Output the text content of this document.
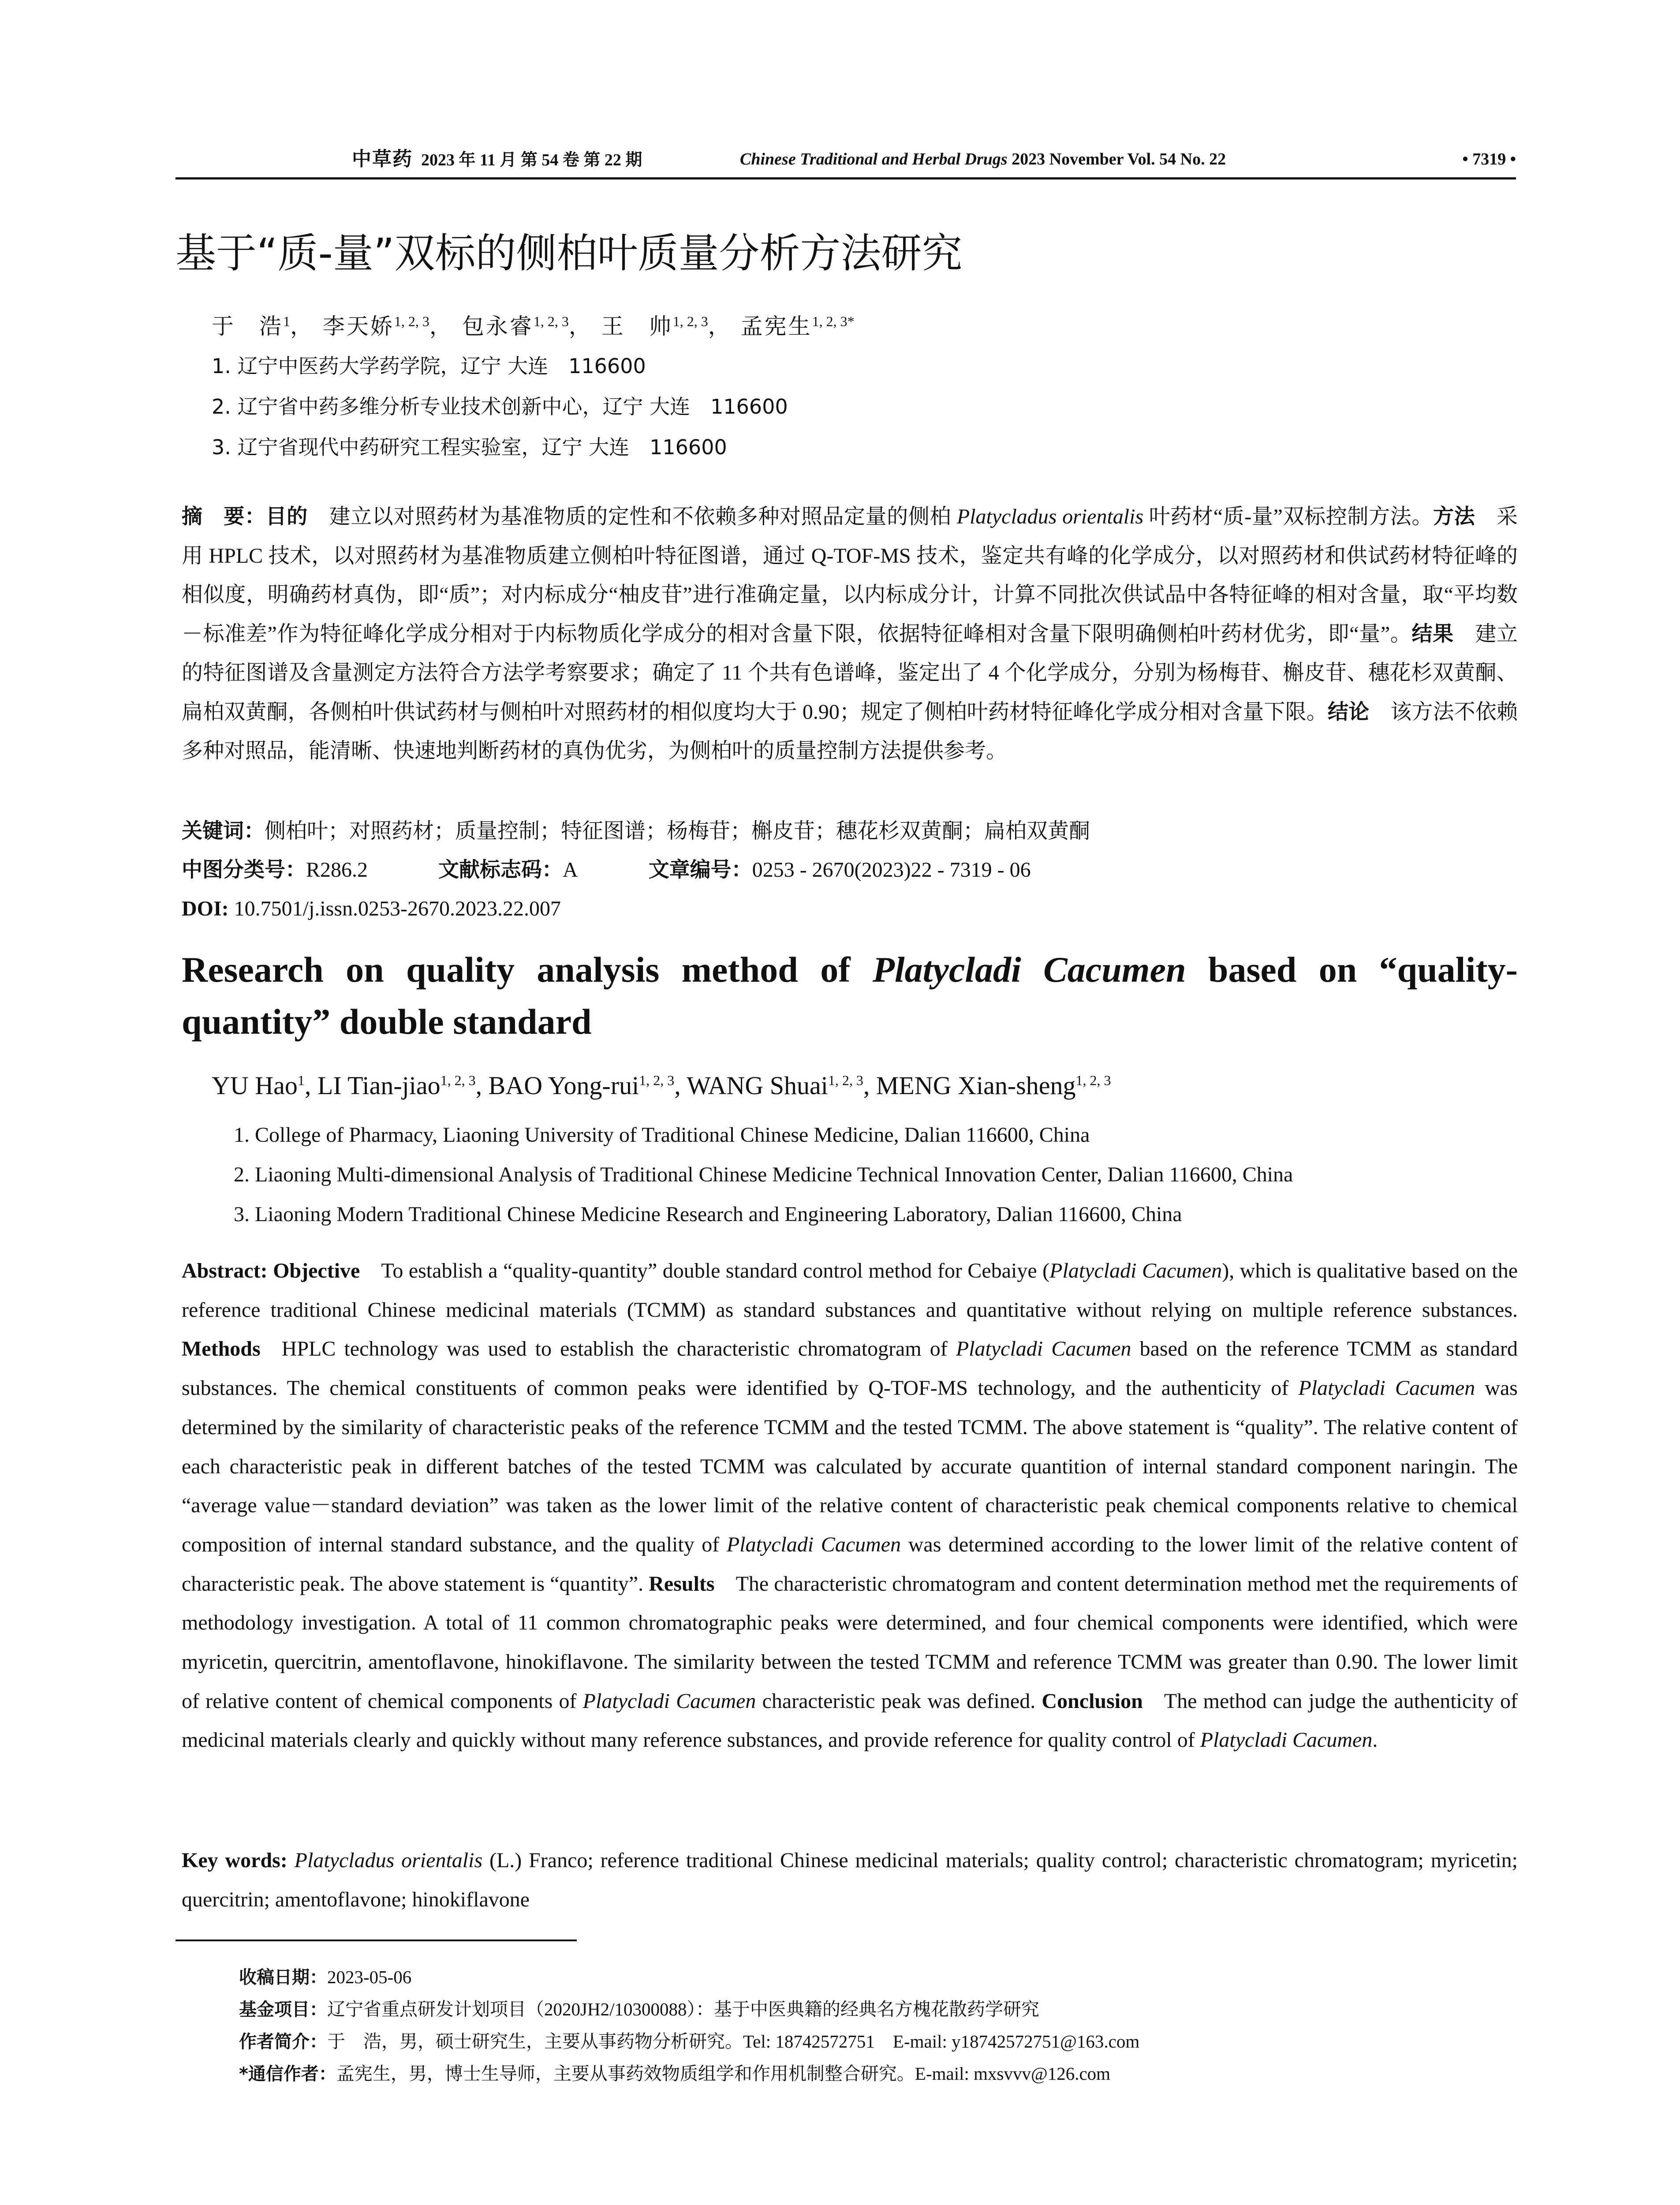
中草药 2023 年 11 月 第 54 卷 第 22 期	Chinese Traditional and Herbal Drugs 2023 November Vol. 54 No. 22	• 7319 •
基于“质-量”双标的侧柏叶质量分析方法研究
于　浩$^1$， 李天娇$^{1, 2, 3}$， 包永睿$^{1, 2, 3}$， 王　帅$^{1, 2, 3}$， 孟宪生$^{1, 2, 3*}$
1. 辽宁中医药大学药学院，辽宁 大连　116600
2. 辽宁省中药多维分析专业技术创新中心，辽宁 大连　116600
3. 辽宁省现代中药研究工程实验室，辽宁 大连　116600
摘　要：目的  建立以对照药材为基准物质的定性和不依赖多种对照品定量的侧柏 Platycladus orientalis 叶药材“质-量”双标控制方法。方法  采用 HPLC 技术，以对照药材为基准物质建立侧柏叶特征图谱，通过 Q-TOF-MS 技术，鉴定共有峰的化学成分，以对照药材和供试药材特征峰的相似度，明确药材真伪，即“质”；对内标成分“柚皮苷”进行准确定量，以内标成分计，计算不同批次供试品中各特征峰的相对含量，取“平均数－标准差”作为特征峰化学成分相对于内标物质化学成分的相对含量下限，依据特征峰相对含量下限明确侧柏叶药材优劣，即“量”。结果  建立的特征图谱及含量测定方法符合方法学考察要求；确定了 11 个共有色谱峰，鉴定出了 4 个化学成分，分别为杨梅苷、槲皮苷、穗花杉双黄酮、扁柏双黄酮，各侧柏叶供试药材与侧柏叶对照药材的相似度均大于 0.90；规定了侧柏叶药材特征峰化学成分相对含量下限。结论  该方法不依赖多种对照品，能清晰、快速地判断药材的真伪优劣，为侧柏叶的质量控制方法提供参考。
关键词：侧柏叶；对照药材；质量控制；特征图谱；杨梅苷；槲皮苷；穗花杉双黄酮；扁柏双黄酮
中图分类号：R286.2	文献标志码：A	文章编号：0253 - 2670(2023)22 - 7319 - 06
DOI: 10.7501/j.issn.0253-2670.2023.22.007
Research on quality analysis method of Platycladi Cacumen based on “quality-quantity” double standard
YU Hao$^1$, LI Tian-jiao$^{1, 2, 3}$, BAO Yong-rui$^{1, 2, 3}$, WANG Shuai$^{1, 2, 3}$, MENG Xian-sheng$^{1, 2, 3}$
1. College of Pharmacy, Liaoning University of Traditional Chinese Medicine, Dalian 116600, China
2. Liaoning Multi-dimensional Analysis of Traditional Chinese Medicine Technical Innovation Center, Dalian 116600, China
3. Liaoning Modern Traditional Chinese Medicine Research and Engineering Laboratory, Dalian 116600, China
Abstract: Objective  To establish a “quality-quantity” double standard control method for Cebaiye (Platycladi Cacumen), which is qualitative based on the reference traditional Chinese medicinal materials (TCMM) as standard substances and quantitative without relying on multiple reference substances. Methods  HPLC technology was used to establish the characteristic chromatogram of Platycladi Cacumen based on the reference TCMM as standard substances. The chemical constituents of common peaks were identified by Q-TOF-MS technology, and the authenticity of Platycladi Cacumen was determined by the similarity of characteristic peaks of the reference TCMM and the tested TCMM. The above statement is “quality”. The relative content of each characteristic peak in different batches of the tested TCMM was calculated by accurate quantition of internal standard component naringin. The “average value－standard deviation” was taken as the lower limit of the relative content of characteristic peak chemical components relative to chemical composition of internal standard substance, and the quality of Platycladi Cacumen was determined according to the lower limit of the relative content of characteristic peak. The above statement is “quantity”. Results  The characteristic chromatogram and content determination method met the requirements of methodology investigation. A total of 11 common chromatographic peaks were determined, and four chemical components were identified, which were myricetin, quercitrin, amentoflavone, hinokiflavone. The similarity between the tested TCMM and reference TCMM was greater than 0.90. The lower limit of relative content of chemical components of Platycladi Cacumen characteristic peak was defined. Conclusion  The method can judge the authenticity of medicinal materials clearly and quickly without many reference substances, and provide reference for quality control of Platycladi Cacumen.
Key words: Platycladus orientalis (L.) Franco; reference traditional Chinese medicinal materials; quality control; characteristic chromatogram; myricetin; quercitrin; amentoflavone; hinokiflavone
收稿日期：2023-05-06
基金项目：辽宁省重点研发计划项目（2020JH2/10300088）：基于中医典籍的经典名方槐花散药学研究
作者简介：于　浩，男，硕士研究生，主要从事药物分析研究。Tel: 18742572751　E-mail: y18742572751@163.com
*通信作者：孟宪生，男，博士生导师，主要从事药效物质组学和作用机制整合研究。E-mail: mxsvvv@126.com
